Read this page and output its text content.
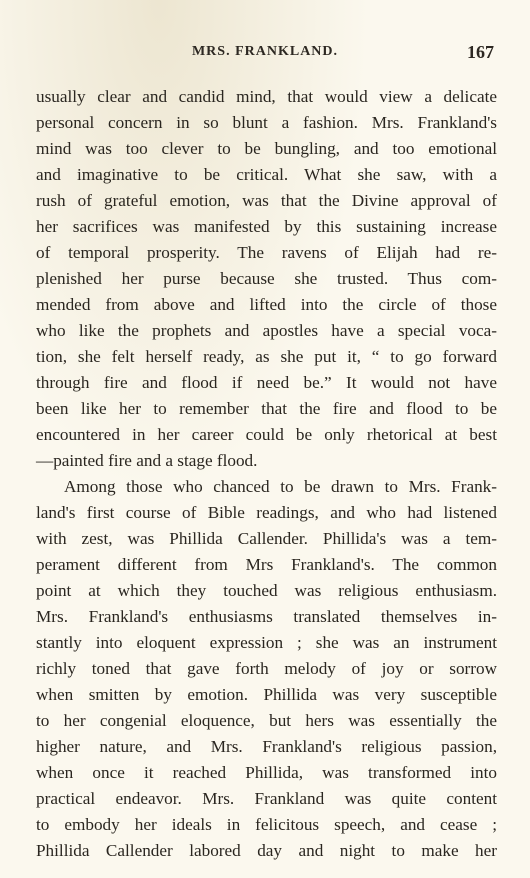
MRS. FRANKLAND.	167
usually clear and candid mind, that would view a delicate
personal concern in so blunt a fashion. Mrs. Frankland's
mind was too clever to be bungling, and too emotional
and imaginative to be critical. What she saw, with a
rush of grateful emotion, was that the Divine approval of
her sacrifices was manifested by this sustaining increase
of temporal prosperity. The ravens of Elijah had re-
plenished her purse because she trusted. Thus com-
mended from above and lifted into the circle of those
who like the prophets and apostles have a special voca-
tion, she felt herself ready, as she put it, “ to go forward
through fire and flood if need be.” It would not have
been like her to remember that the fire and flood to be
encountered in her career could be only rhetorical at best
—painted fire and a stage flood.
Among those who chanced to be drawn to Mrs. Frank-
land's first course of Bible readings, and who had listened
with zest, was Phillida Callender. Phillida's was a tem-
perament different from Mrs Frankland's. The common
point at which they touched was religious enthusiasm.
Mrs. Frankland's enthusiasms translated themselves in-
stantly into eloquent expression ; she was an instrument
richly toned that gave forth melody of joy or sorrow
when smitten by emotion. Phillida was very susceptible
to her congenial eloquence, but hers was essentially the
higher nature, and Mrs. Frankland's religious passion,
when once it reached Phillida, was transformed into
practical endeavor. Mrs. Frankland was quite content
to embody her ideals in felicitous speech, and cease ;
Phillida Callender labored day and night to make her
